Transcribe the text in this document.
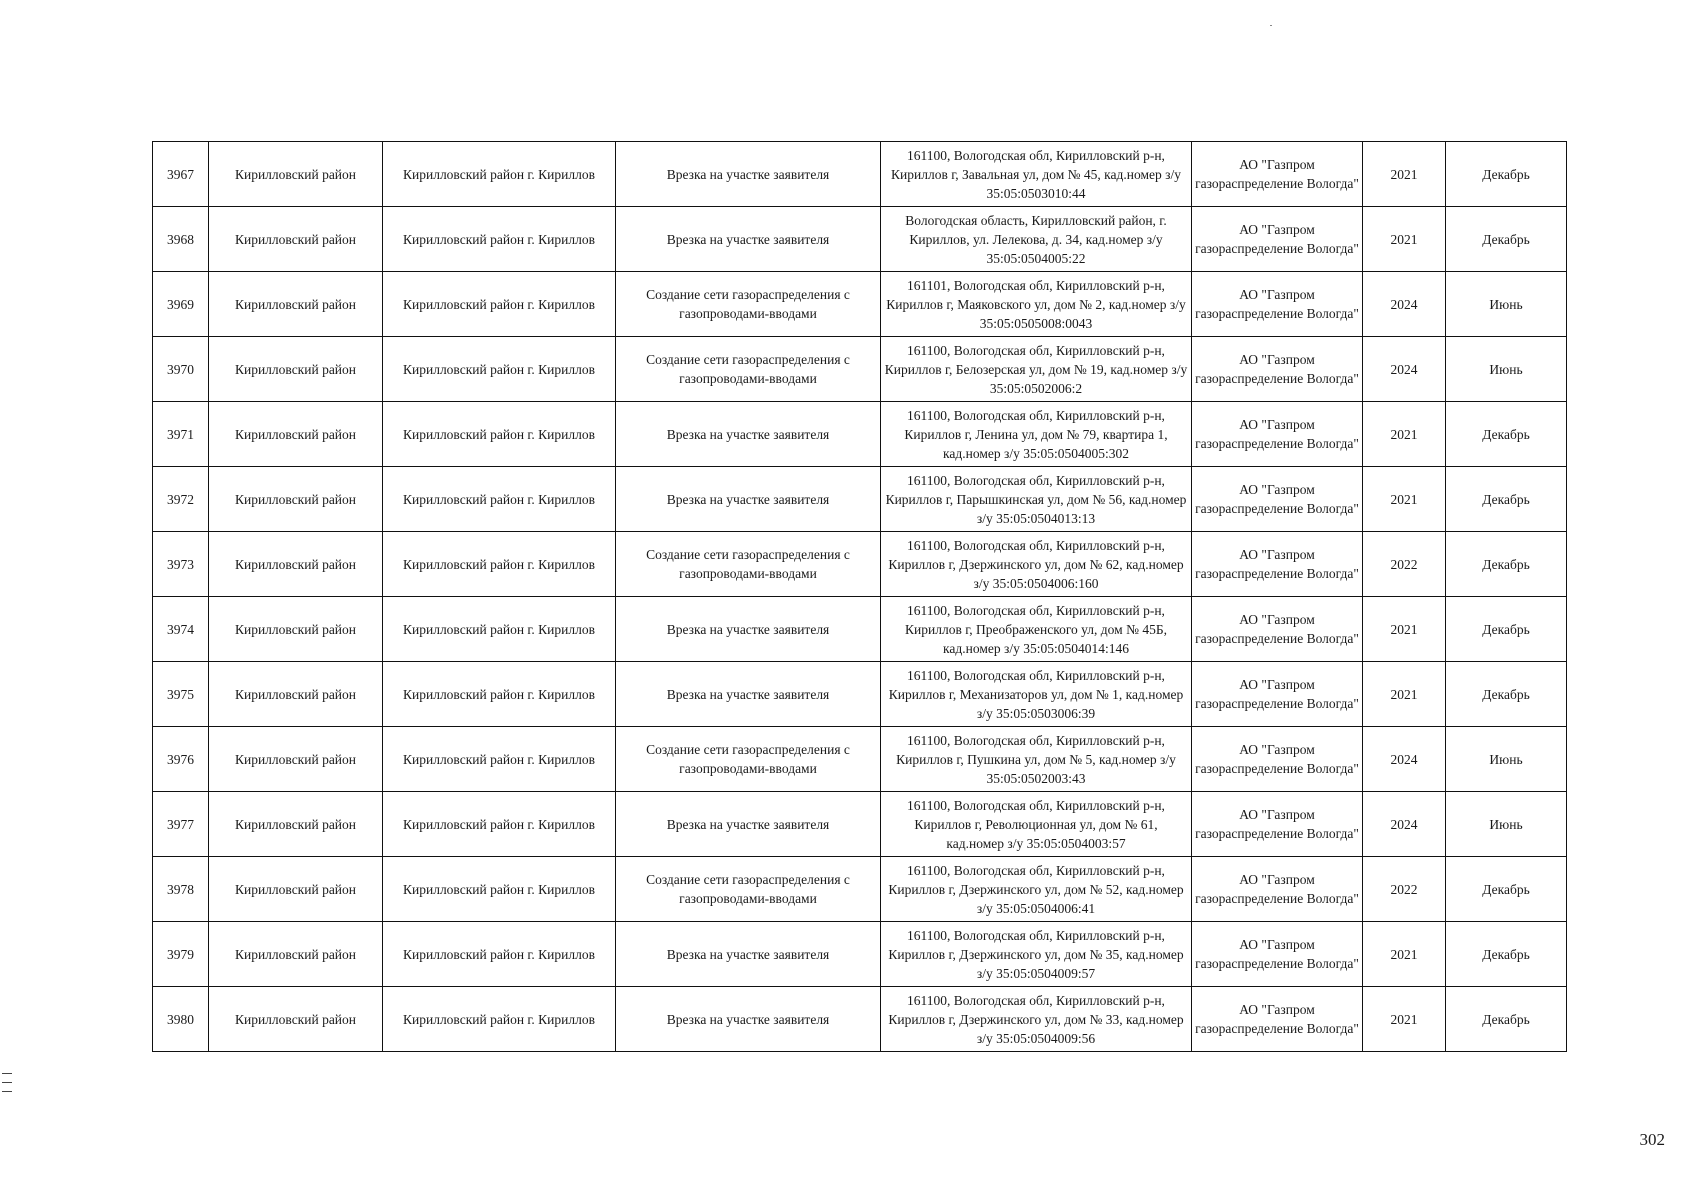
3967	Кирилловский район	Кирилловский район г. Кириллов	Врезка на участке заявителя	161100, Вологодская обл, Кирилловский р-н, Кириллов г, Завальная ул, дом № 45, кад.номер з/у 35:05:0503010:44	АО "Газпром газораспределение Вологда"	2021	Декабрь
3968	Кирилловский район	Кирилловский район г. Кириллов	Врезка на участке заявителя	Вологодская область, Кирилловский район, г. Кириллов, ул. Лелекова, д. 34, кад.номер з/у 35:05:0504005:22	АО "Газпром газораспределение Вологда"	2021	Декабрь
3969	Кирилловский район	Кирилловский район г. Кириллов	Создание сети газораспределения с газопроводами-вводами	161101, Вологодская обл, Кирилловский р-н, Кириллов г, Маяковского ул, дом № 2, кад.номер з/у 35:05:0505008:0043	АО "Газпром газораспределение Вологда"	2024	Июнь
3970	Кирилловский район	Кирилловский район г. Кириллов	Создание сети газораспределения с газопроводами-вводами	161100, Вологодская обл, Кирилловский р-н, Кириллов г, Белозерская ул, дом № 19, кад.номер з/у 35:05:0502006:2	АО "Газпром газораспределение Вологда"	2024	Июнь
3971	Кирилловский район	Кирилловский район г. Кириллов	Врезка на участке заявителя	161100, Вологодская обл, Кирилловский р-н, Кириллов г, Ленина ул, дом № 79, квартира 1, кад.номер з/у 35:05:0504005:302	АО "Газпром газораспределение Вологда"	2021	Декабрь
3972	Кирилловский район	Кирилловский район г. Кириллов	Врезка на участке заявителя	161100, Вологодская обл, Кирилловский р-н, Кириллов г, Парышкинская ул, дом № 56, кад.номер з/у 35:05:0504013:13	АО "Газпром газораспределение Вологда"	2021	Декабрь
3973	Кирилловский район	Кирилловский район г. Кириллов	Создание сети газораспределения с газопроводами-вводами	161100, Вологодская обл, Кирилловский р-н, Кириллов г, Дзержинского ул, дом № 62, кад.номер з/у 35:05:0504006:160	АО "Газпром газораспределение Вологда"	2022	Декабрь
3974	Кирилловский район	Кирилловский район г. Кириллов	Врезка на участке заявителя	161100, Вологодская обл, Кирилловский р-н, Кириллов г, Преображенского ул, дом № 45Б, кад.номер з/у 35:05:0504014:146	АО "Газпром газораспределение Вологда"	2021	Декабрь
3975	Кирилловский район	Кирилловский район г. Кириллов	Врезка на участке заявителя	161100, Вологодская обл, Кирилловский р-н, Кириллов г, Механизаторов ул, дом № 1, кад.номер з/у 35:05:0503006:39	АО "Газпром газораспределение Вологда"	2021	Декабрь
3976	Кирилловский район	Кирилловский район г. Кириллов	Создание сети газораспределения с газопроводами-вводами	161100, Вологодская обл, Кирилловский р-н, Кириллов г, Пушкина ул, дом № 5, кад.номер з/у 35:05:0502003:43	АО "Газпром газораспределение Вологда"	2024	Июнь
3977	Кирилловский район	Кирилловский район г. Кириллов	Врезка на участке заявителя	161100, Вологодская обл, Кирилловский р-н, Кириллов г, Революционная ул, дом № 61, кад.номер з/у 35:05:0504003:57	АО "Газпром газораспределение Вологда"	2024	Июнь
3978	Кирилловский район	Кирилловский район г. Кириллов	Создание сети газораспределения с газопроводами-вводами	161100, Вологодская обл, Кирилловский р-н, Кириллов г, Дзержинского ул, дом № 52, кад.номер з/у 35:05:0504006:41	АО "Газпром газораспределение Вологда"	2022	Декабрь
3979	Кирилловский район	Кирилловский район г. Кириллов	Врезка на участке заявителя	161100, Вологодская обл, Кирилловский р-н, Кириллов г, Дзержинского ул, дом № 35, кад.номер з/у 35:05:0504009:57	АО "Газпром газораспределение Вологда"	2021	Декабрь
3980	Кирилловский район	Кирилловский район г. Кириллов	Врезка на участке заявителя	161100, Вологодская обл, Кирилловский р-н, Кириллов г, Дзержинского ул, дом № 33, кад.номер з/у 35:05:0504009:56	АО "Газпром газораспределение Вологда"	2021	Декабрь
302
